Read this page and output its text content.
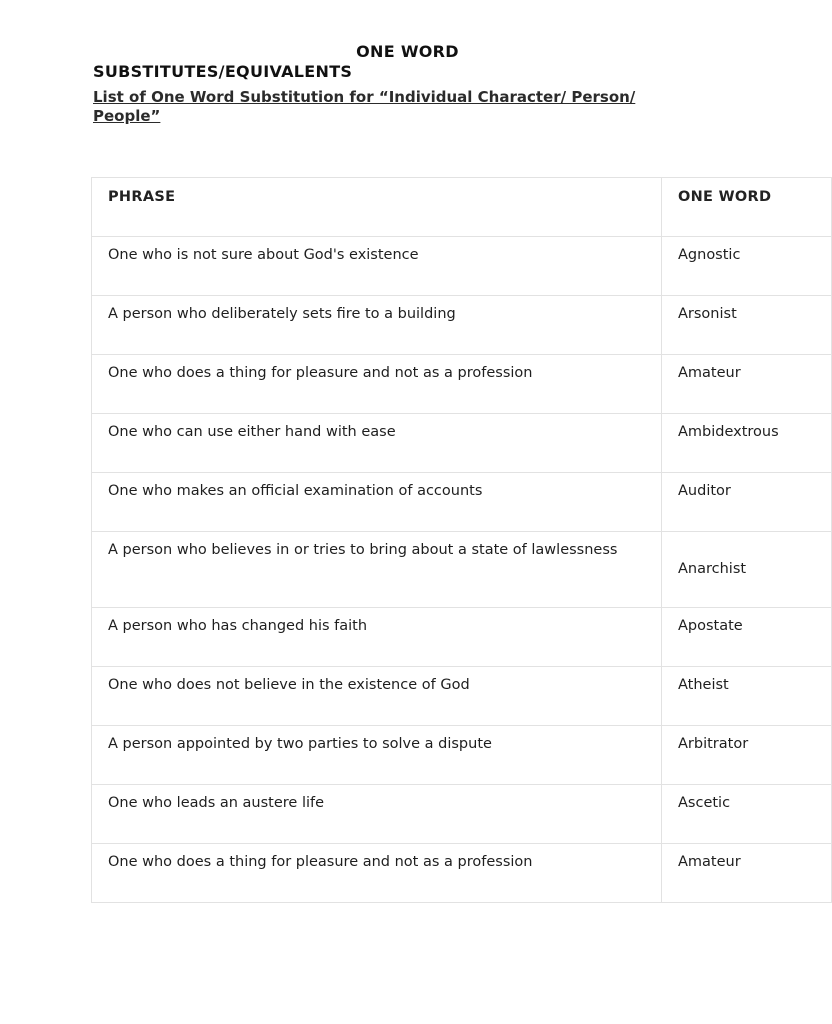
ONE WORD
SUBSTITUTES/EQUIVALENTS
List of One Word Substitution for “Individual Character/ Person/ People”
PHRASE	ONE WORD
One who is not sure about God's existence	Agnostic
A person who deliberately sets fire to a building	Arsonist
One who does a thing for pleasure and not as a profession	Amateur
One who can use either hand with ease	Ambidextrous
One who makes an official examination of accounts	Auditor
A person who believes in or tries to bring about a state of lawlessness	Anarchist
A person who has changed his faith	Apostate
One who does not believe in the existence of God	Atheist
A person appointed by two parties to solve a dispute	Arbitrator
One who leads an austere life	Ascetic
One who does a thing for pleasure and not as a profession	Amateur
